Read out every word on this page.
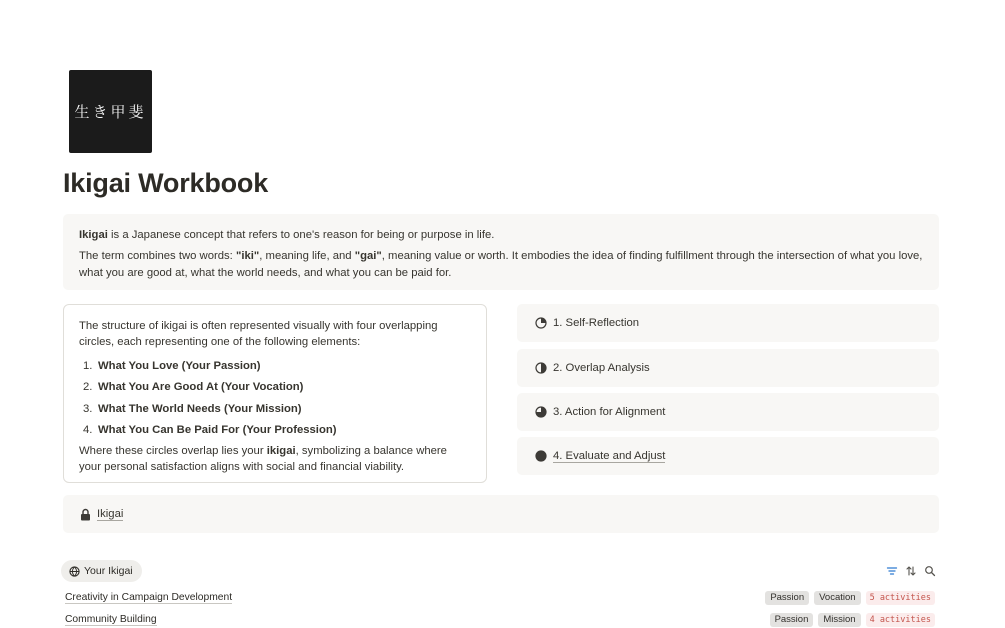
生き甲斐
Ikigai Workbook

Ikigai is a Japanese concept that refers to one's reason for being or purpose in life.

The term combines two words: "iki", meaning life, and "gai", meaning value or worth. It embodies the idea of finding fulfillment through the intersection of what you love, what you are good at, what the world needs, and what you can be paid for.

The structure of ikigai is often represented visually with four overlapping circles, each representing one of the following elements:

1. What You Love (Your Passion)
2. What You Are Good At (Your Vocation)
3. What The World Needs (Your Mission)
4. What You Can Be Paid For (Your Profession)

Where these circles overlap lies your ikigai, symbolizing a balance where your personal satisfaction aligns with social and financial viability.

1. Self-Reflection
2. Overlap Analysis
3. Action for Alignment
4. Evaluate and Adjust
Ikigai
Your Ikigai
Creativity in Campaign Development	Passion	Vocation	5 activities
Community Building	Passion	Mission	4 activities
